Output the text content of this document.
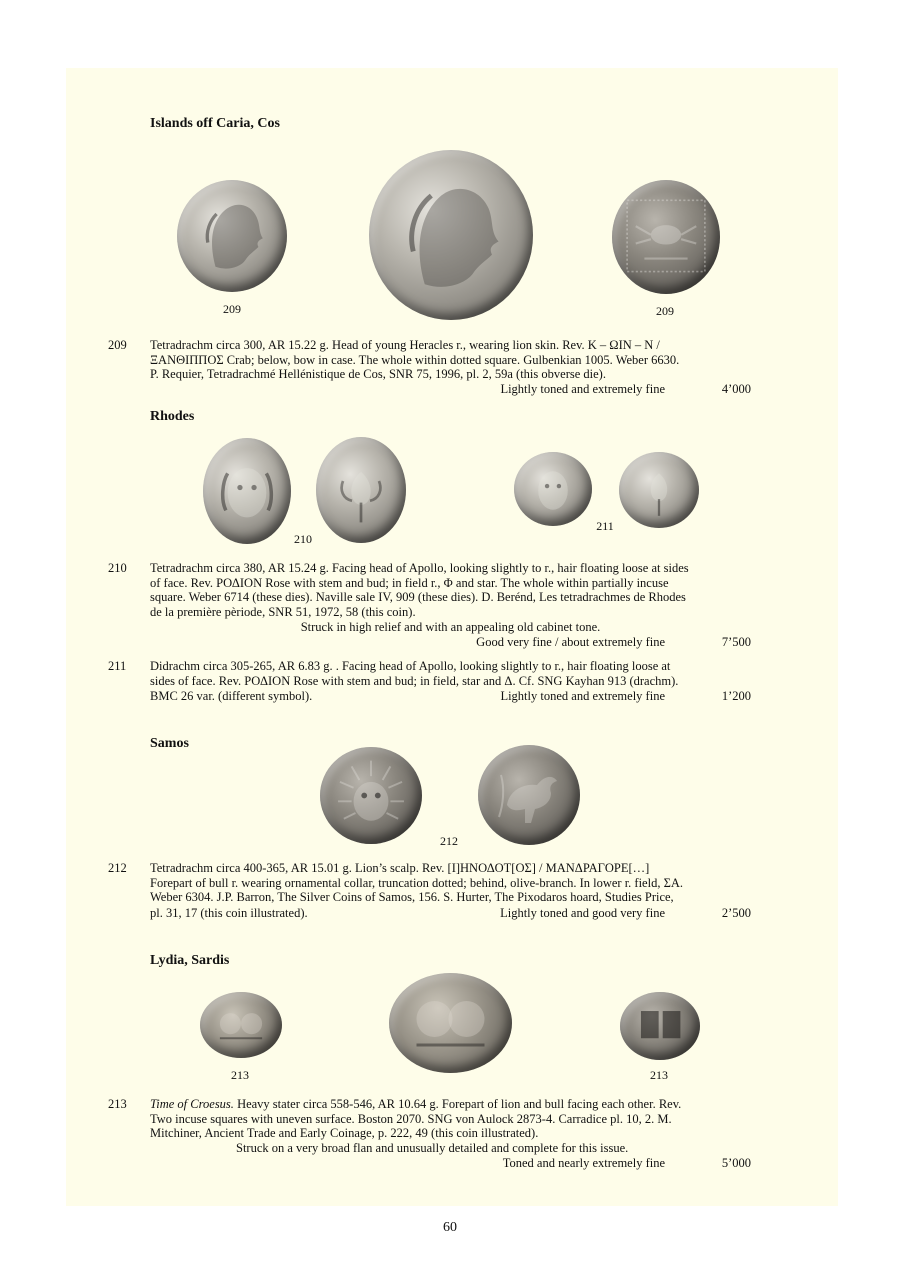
Islands off Caria, Cos
209	209
209 Tetradrachm circa 300, AR 15.22 g. Head of young Heracles r., wearing lion skin. Rev. Κ – ΩΙΝ – Ν /
ΞΑΝΘΙΠΠΟΣ Crab; below, bow in case. The whole within dotted square. Gulbenkian 1005. Weber 6630.
P. Requier, Tetradrachmé Hellénistique de Cos, SNR 75, 1996, pl. 2, 59a (this obverse die).
Lightly toned and extremely fine	4’000
Rhodes
210
211
210 Tetradrachm circa 380, AR 15.24 g. Facing head of Apollo, looking slightly to r., hair floating loose at sides
of face. Rev. ΡΟΔΙΟΝ Rose with stem and bud; in field r., Φ and star. The whole within partially incuse
square. Weber 6714 (these dies). Naville sale IV, 909 (these dies). D. Berénd, Les tetradrachmes de Rhodes
de la première pèriode, SNR 51, 1972, 58 (this coin).
Struck in high relief and with an appealing old cabinet tone.
Good very fine / about extremely fine	7’500
211 Didrachm circa 305-265, AR 6.83 g. . Facing head of Apollo, looking slightly to r., hair floating loose at
sides of face. Rev. ΡΟΔΙΟΝ Rose with stem and bud; in field, star and Δ. Cf. SNG Kayhan 913 (drachm).
BMC 26 var. (different symbol).	Lightly toned and extremely fine	1’200
Samos
212
212 Tetradrachm circa 400-365, AR 15.01 g. Lion’s scalp. Rev. [Ι]ΗΝΟΔΟΤ[ΟΣ] / ΜΑΝΔΡΑΓΟΡΕ[…]
Forepart of bull r. wearing ornamental collar, truncation dotted; behind, olive-branch. In lower r. field, ΣΑ.
Weber 6304. J.P. Barron, The Silver Coins of Samos, 156. S. Hurter, The Pixodaros hoard, Studies Price,
pl. 31, 17 (this coin illustrated).	Lightly toned and good very fine	2’500
Lydia, Sardis
213	213
213 Time of Croesus. Heavy stater circa 558-546, AR 10.64 g. Forepart of lion and bull facing each other. Rev.
Two incuse squares with uneven surface. Boston 2070. SNG von Aulock 2873-4. Carradice pl. 10, 2. M.
Mitchiner, Ancient Trade and Early Coinage, p. 222, 49 (this coin illustrated).
Struck on a very broad flan and unusually detailed and complete for this issue.
Toned and nearly extremely fine	5’000
60
